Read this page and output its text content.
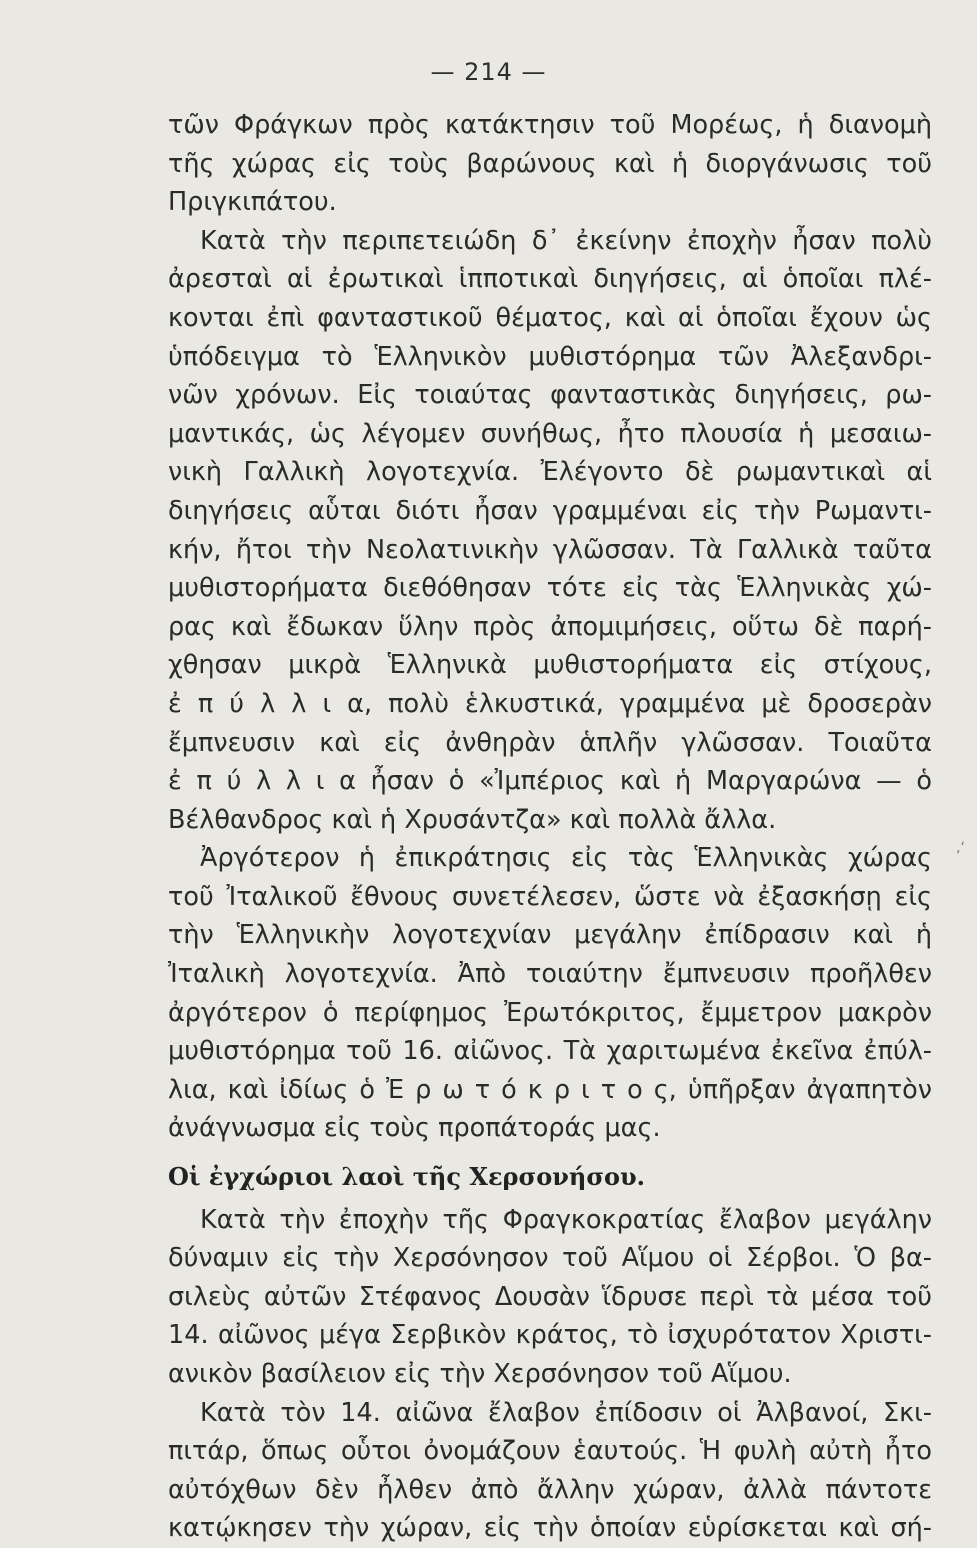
— 214 —
τῶν Φράγκων πρὸς κατάκτησιν τοῦ Μορέως, ἡ διανομὴ
τῆς χώρας εἰς τοὺς βαρώνους καὶ ἡ διοργάνωσις τοῦ
Πριγκιπάτου.
Κατὰ τὴν περιπετειώδη δ᾽ ἐκείνην ἐποχὴν ἦσαν πολὺ
ἀρεσταὶ αἱ ἐρωτικαὶ ἱπποτικαὶ διηγήσεις, αἱ ὁποῖαι πλέ-
κονται ἐπὶ φανταστικοῦ θέματος, καὶ αἱ ὁποῖαι ἔχουν ὡς
ὑπόδειγμα τὸ Ἑλληνικὸν μυθιστόρημα τῶν Ἀλεξανδρι-
νῶν χρόνων. Εἰς τοιαύτας φανταστικὰς διηγήσεις, ρω-
μαντικάς, ὡς λέγομεν συνήθως, ἦτο πλουσία ἡ μεσαιω-
νικὴ Γαλλικὴ λογοτεχνία. Ἐλέγοντο δὲ ρωμαντικαὶ αἱ
διηγήσεις αὗται διότι ἦσαν γραμμέναι εἰς τὴν Ρωμαντι-
κήν, ἤτοι τὴν Νεολατινικὴν γλῶσσαν. Τὰ Γαλλικὰ ταῦτα
μυθιστορήματα διεθόθησαν τότε εἰς τὰς Ἑλληνικὰς χώ-
ρας καὶ ἔδωκαν ὕλην πρὸς ἀπομιμήσεις, οὕτω δὲ παρή-
χθησαν μικρὰ Ἑλληνικὰ μυθιστορήματα εἰς στίχους,
ἐ π ύ λ λ ι α, πολὺ ἑλκυστικά, γραμμένα μὲ δροσερὰν
ἔμπνευσιν καὶ εἰς ἀνθηρὰν ἁπλῆν γλῶσσαν. Τοιαῦτα
ἐ π ύ λ λ ι α ἦσαν ὁ «Ἰμπέριος καὶ ἡ Μαργαρώνα — ὁ
Βέλθανδρος καὶ ἡ Χρυσάντζα» καὶ πολλὰ ἄλλα.
Ἀργότερον ἡ ἐπικράτησις εἰς τὰς Ἑλληνικὰς χώρας
τοῦ Ἰταλικοῦ ἔθνους συνετέλεσεν, ὥστε νὰ ἐξασκήσῃ εἰς
τὴν Ἑλληνικὴν λογοτεχνίαν μεγάλην ἐπίδρασιν καὶ ἡ
Ἰταλικὴ λογοτεχνία. Ἀπὸ τοιαύτην ἔμπνευσιν προῆλθεν
ἀργότερον ὁ περίφημος Ἐρωτόκριτος, ἔμμετρον μακρὸν
μυθιστόρημα τοῦ 16. αἰῶνος. Τὰ χαριτωμένα ἐκεῖνα ἐπύλ-
λια, καὶ ἰδίως ὁ Ἐ ρ ω τ ό κ ρ ι τ ο ς, ὑπῆρξαν ἀγαπητὸν
ἀνάγνωσμα εἰς τοὺς προπάτοράς μας.
Οἱ ἐγχώριοι λαοὶ τῆς Χερσονήσου.
Κατὰ τὴν ἐποχὴν τῆς Φραγκοκρατίας ἔλαβον μεγάλην
δύναμιν εἰς τὴν Χερσόνησον τοῦ Αἵμου οἱ Σέρβοι. Ὁ βα-
σιλεὺς αὐτῶν Στέφανος Δουσὰν ἵδρυσε περὶ τὰ μέσα τοῦ
14. αἰῶνος μέγα Σερβικὸν κράτος, τὸ ἰσχυρότατον Χριστι-
ανικὸν βασίλειον εἰς τὴν Χερσόνησον τοῦ Αἵμου.
Κατὰ τὸν 14. αἰῶνα ἔλαβον ἐπίδοσιν οἱ Ἀλβανοί, Σκι-
πιτάρ, ὅπως οὗτοι ὀνομάζουν ἑαυτούς. Ἡ φυλὴ αὐτὴ ἦτο
αὐτόχθων δὲν ἦλθεν ἀπὸ ἄλλην χώραν, ἀλλὰ πάντοτε
κατῴκησεν τὴν χώραν, εἰς τὴν ὁποίαν εὑρίσκεται καὶ σή-
‚‘
